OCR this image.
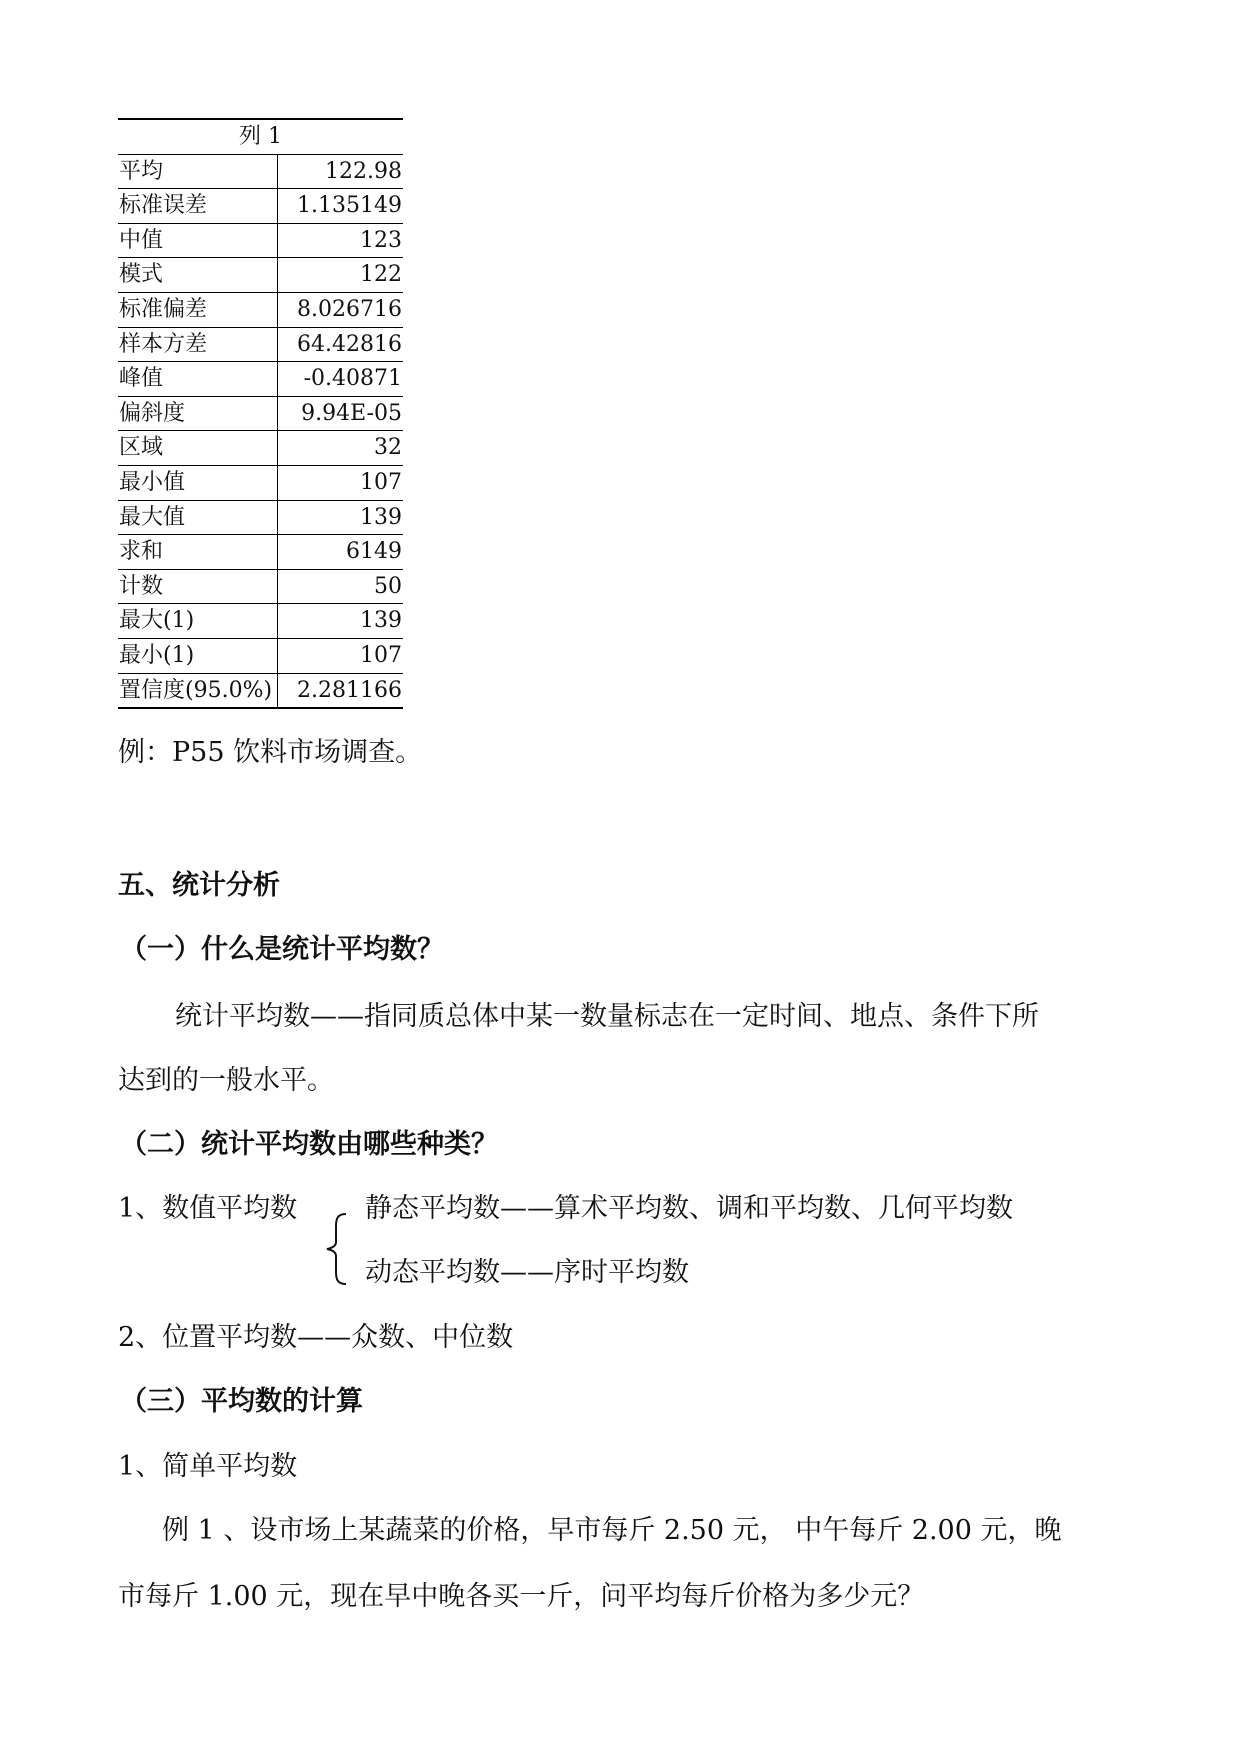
列 1	
平均	122.98
标准误差	1.135149
中值	123
模式	122
标准偏差	8.026716
样本方差	64.42816
峰值	-0.40871
偏斜度	9.94E-05
区域	32
最小值	107
最大值	139
求和	6149
计数	50
最大(1)	139
最小(1)	107
置信度(95.0%)	2.281166
例：P55 饮料市场调查。
五、统计分析
（一）什么是统计平均数？
统计平均数——指同质总体中某一数量标志在一定时间、地点、条件下所
达到的一般水平。
（二）统计平均数由哪些种类？
1、数值平均数	静态平均数——算术平均数、调和平均数、几何平均数
动态平均数——序时平均数
2、位置平均数——众数、中位数
（三）平均数的计算
1、简单平均数
例 1 、设市场上某蔬菜的价格，早市每斤 2.50 元， 中午每斤 2.00 元，晚
市每斤 1.00 元，现在早中晚各买一斤，问平均每斤价格为多少元？
